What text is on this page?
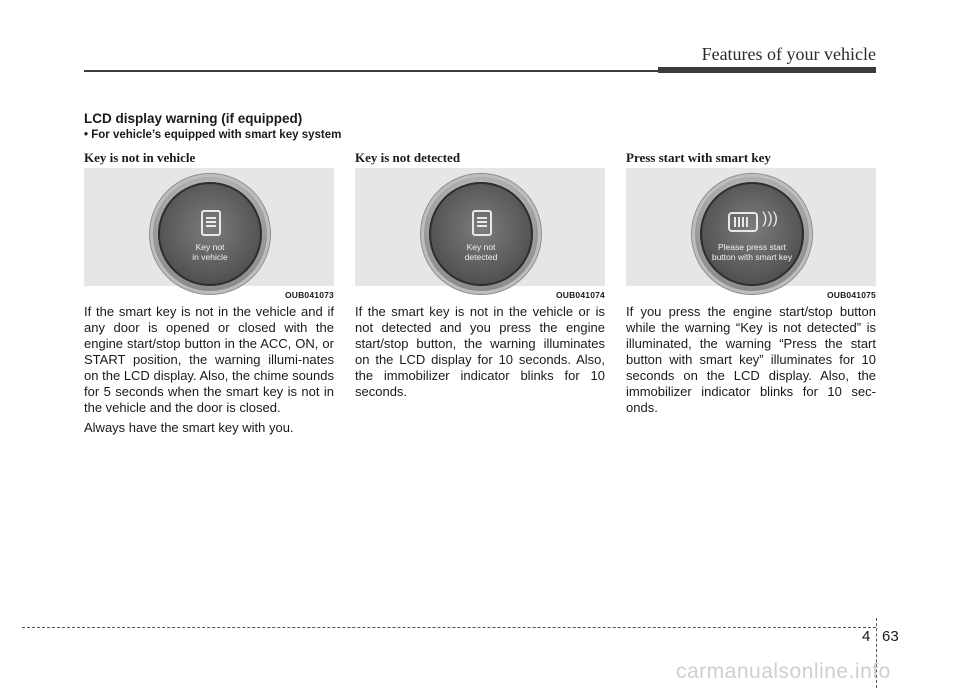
Features of your vehicle
LCD display warning (if equipped)
• For vehicle’s equipped with smart key system
Key is not in vehicle
Key not
in vehicle
OUB041073

If the smart key is not in the vehicle and if any door is opened or closed with the engine start/stop button in the ACC, ON, or START position, the warning illumi-nates on the LCD display. Also, the chime sounds for 5 seconds when the smart key is not in the vehicle and the door is closed.

Always have the smart key with you.

Key is not detected
Key not
detected
OUB041074

If the smart key is not in the vehicle or is not detected and you press the engine start/stop button, the warning illuminates on the LCD display for 10 seconds. Also, the immobilizer indicator blinks for 10 seconds.

Press start with smart key
)))
Please press start
button with smart key
OUB041075

If you press the engine start/stop button while the warning “Key is not detected” is illuminated, the warning “Press the start button with smart key” illuminates for 10 seconds on the LCD display. Also, the immobilizer indicator blinks for 10 sec-onds.

4 63
carmanualsonline.info
